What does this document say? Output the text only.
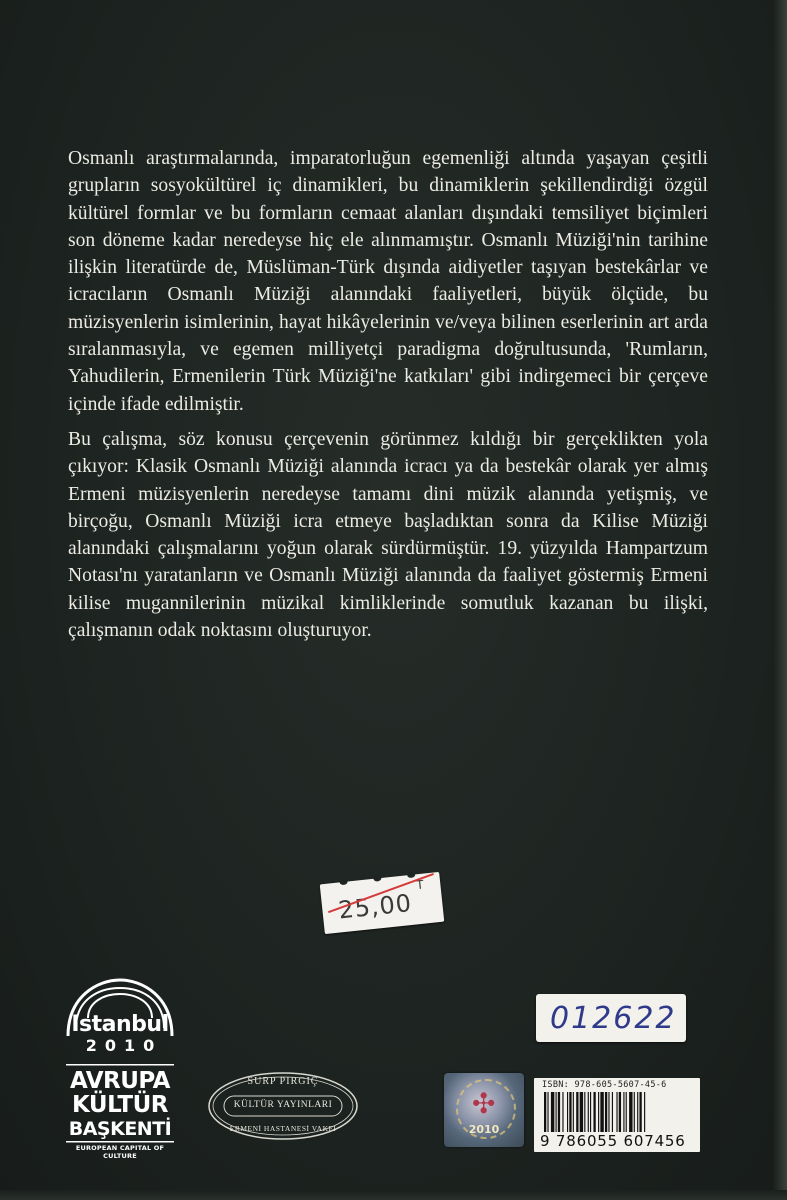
Osmanlı araştırmalarında, imparatorluğun egemenliği altında yaşayan çeşitli grupların sosyokültürel iç dinamikleri, bu dinamiklerin şekillendirdiği özgül kültürel formlar ve bu formların cemaat alanları dışındaki temsiliyet biçimleri son döneme kadar neredeyse hiç ele alınmamıştır. Osmanlı Müziği'nin tarihine ilişkin literatürde de, Müslüman-Türk dışında aidiyetler taşıyan bestekârlar ve icracıların Osmanlı Müziği alanındaki faaliyetleri, büyük ölçüde, bu müzisyenlerin isimlerinin, hayat hikâyelerinin ve/veya bilinen eserlerinin art arda sıralanmasıyla, ve egemen milliyetçi paradigma doğrultusunda, 'Rumların, Yahudilerin, Ermenilerin Türk Müziği'ne katkıları' gibi indirgemeci bir çerçeve içinde ifade edilmiştir.

Bu çalışma, söz konusu çerçevenin görünmez kıldığı bir gerçeklikten yola çıkıyor: Klasik Osmanlı Müziği alanında icracı ya da bestekâr olarak yer almış Ermeni müzisyenlerin neredeyse tamamı dini müzik alanında yetişmiş, ve birçoğu, Osmanlı Müziği icra etmeye başladıktan sonra da Kilise Müziği alanındaki çalışmalarını yoğun olarak sürdürmüştür. 19. yüzyılda Hampartzum Notası'nı yaratanların ve Osmanlı Müziği alanında da faaliyet göstermiş Ermeni kilise mugannilerinin müzikal kimliklerinde somutluk kazanan bu ilişki, çalışmanın odak noktasını oluşturuyor.

25,00
T
012622
Istanbul
2010
AVRUPA
KÜLTÜR
BAŞKENTİ
EUROPEAN CAPITAL OF CULTURE
SURP PIRGIÇ
KÜLTÜR YAYINLARI
ERMENİ HASTANESİ VAKFI
✣
2010
ISBN: 978-605-5607-45-6
9 786055 607456
